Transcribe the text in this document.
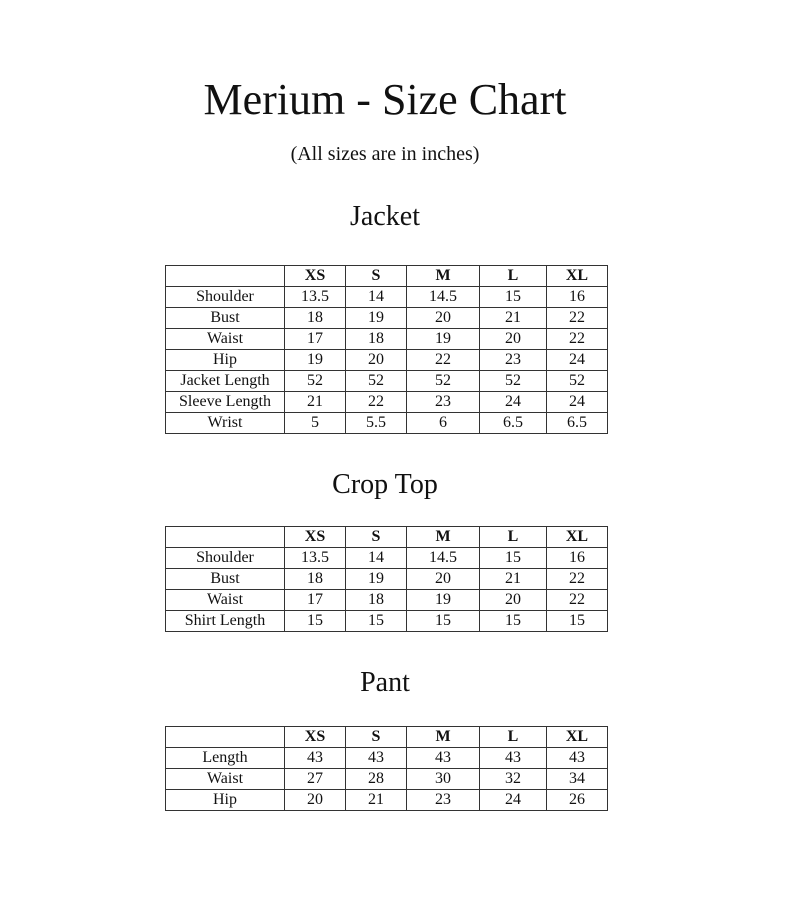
Merium - Size Chart
(All sizes are in inches)
Jacket
	XS	S	M	L	XL
Shoulder	13.5	14	14.5	15	16
Bust	18	19	20	21	22
Waist	17	18	19	20	22
Hip	19	20	22	23	24
Jacket Length	52	52	52	52	52
Sleeve Length	21	22	23	24	24
Wrist	5	5.5	6	6.5	6.5
Crop Top
	XS	S	M	L	XL
Shoulder	13.5	14	14.5	15	16
Bust	18	19	20	21	22
Waist	17	18	19	20	22
Shirt Length	15	15	15	15	15
Pant
	XS	S	M	L	XL
Length	43	43	43	43	43
Waist	27	28	30	32	34
Hip	20	21	23	24	26
